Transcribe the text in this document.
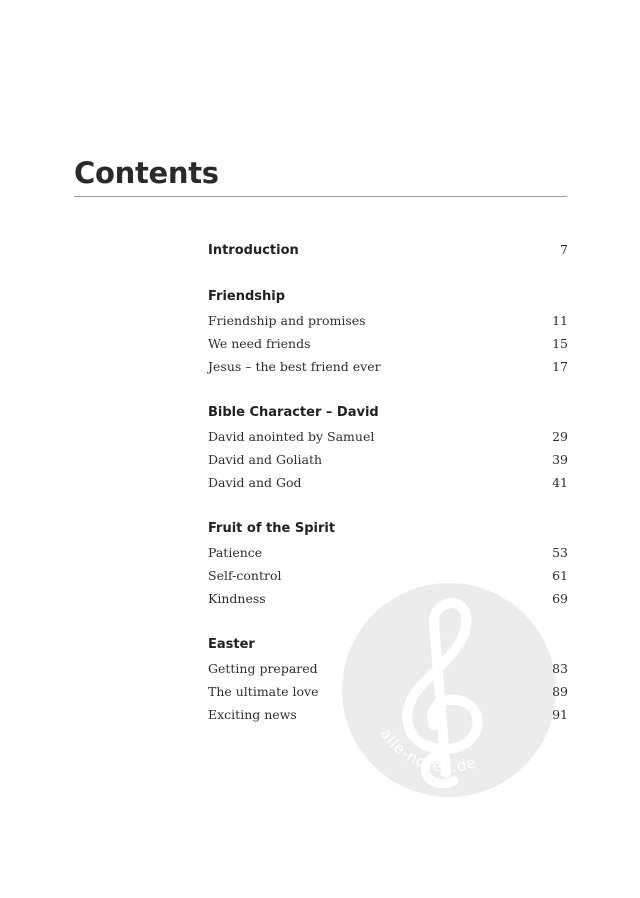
Contents
alle-noten.de
Introduction	7
Friendship
Friendship and promises	11
We need friends	15
Jesus – the best friend ever	17
Bible Character – David
David anointed by Samuel	29
David and Goliath	39
David and God	41
Fruit of the Spirit
Patience	53
Self-control	61
Kindness	69
Easter
Getting prepared	83
The ultimate love	89
Exciting news	91
